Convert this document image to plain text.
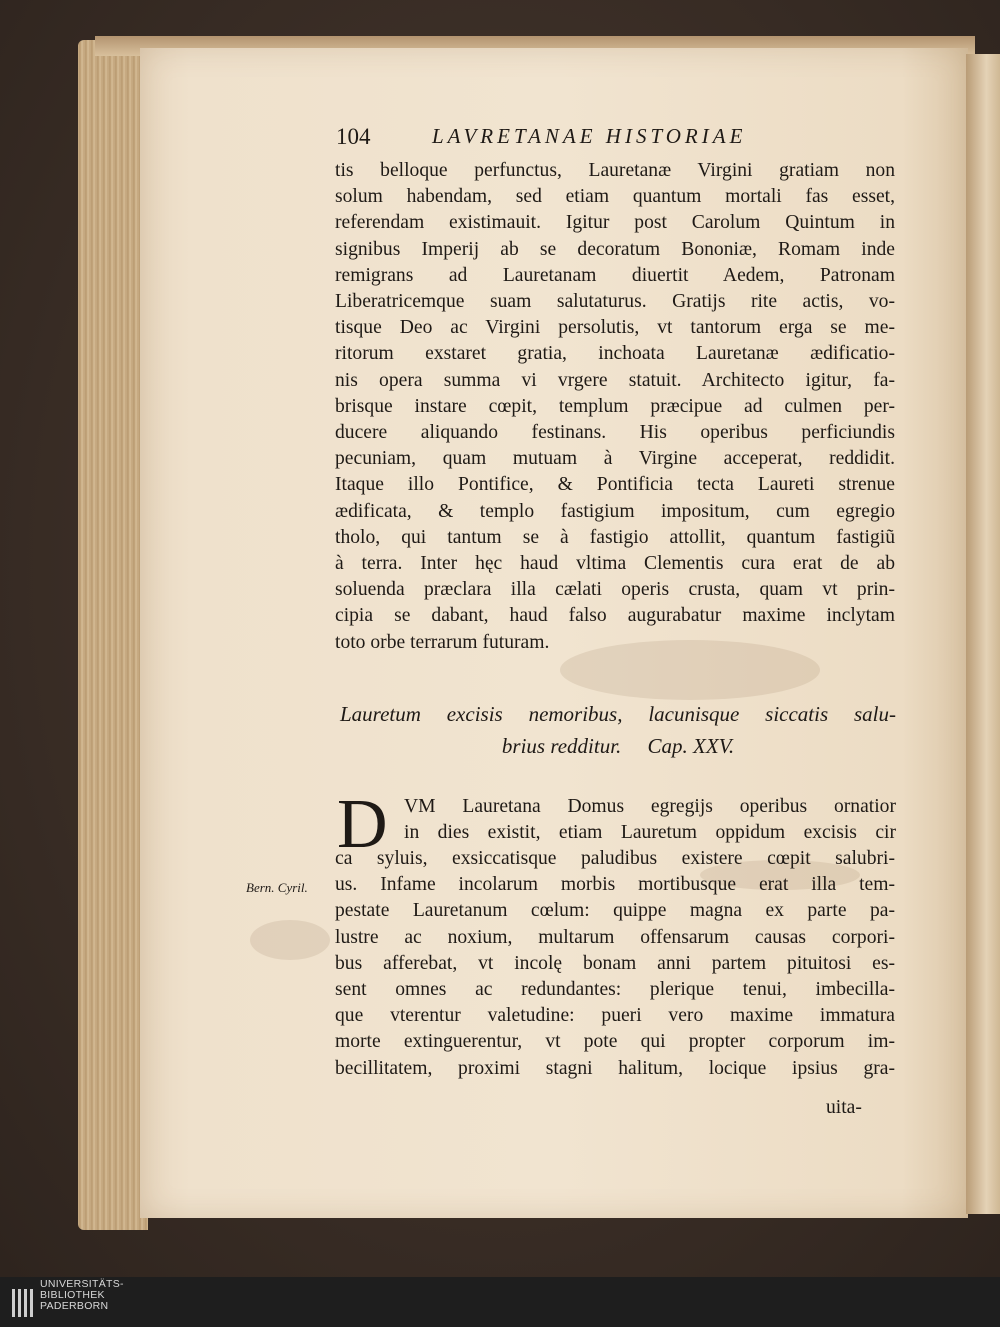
104	LAVRETANAE HISTORIAE
tis belloque perfunctus, Lauretanæ Virgini gratiam non
solum habendam, sed etiam quantum mortali fas esset,
referendam existimauit. Igitur post Carolum Quintum in
signibus Imperij ab se decoratum Bononiæ, Romam inde
remigrans ad Lauretanam diuertit Aedem, Patronam
Liberatricemque suam salutaturus. Gratijs rite actis, vo-
tisque Deo ac Virgini persolutis, vt tantorum erga se me-
ritorum exstaret gratia, inchoata Lauretanæ ædificatio-
nis opera summa vi vrgere statuit. Architecto igitur, fa-
brisque instare cœpit, templum præcipue ad culmen per-
ducere aliquando festinans. His operibus perficiundis
pecuniam, quam mutuam à Virgine acceperat, reddidit.
Itaque illo Pontifice, & Pontificia tecta Laureti strenue
ædificata, & templo fastigium impositum, cum egregio
tholo, qui tantum se à fastigio attollit, quantum fastigiũ
à terra. Inter hęc haud vltima Clementis cura erat de ab
soluenda præclara illa cælati operis crusta, quam vt prin-
cipia se dabant, haud falso augurabatur maxime inclytam
toto orbe terrarum futuram.
Lauretum excisis nemoribus, lacunisque siccatis salu-
brius redditur.     Cap. XXV.
D VM Lauretana Domus egregijs operibus ornatior
in dies existit, etiam Lauretum oppidum excisis cir
ca syluis, exsiccatisque paludibus existere cœpit salubri-
us. Infame incolarum morbis mortibusque erat illa tem-
pestate Lauretanum cœlum: quippe magna ex parte pa-
lustre ac noxium, multarum offensarum causas corpori-
bus afferebat, vt incolę bonam anni partem pituitosi es-
sent omnes ac redundantes: plerique tenui, imbecilla-
que vterentur valetudine: pueri vero maxime immatura
morte extinguerentur, vt pote qui propter corporum im-
becillitatem, proximi stagni halitum, locique ipsius gra-
Bern. Cyril.
uita-
UNIVERSITÄTS-
BIBLIOTHEK
PADERBORN
